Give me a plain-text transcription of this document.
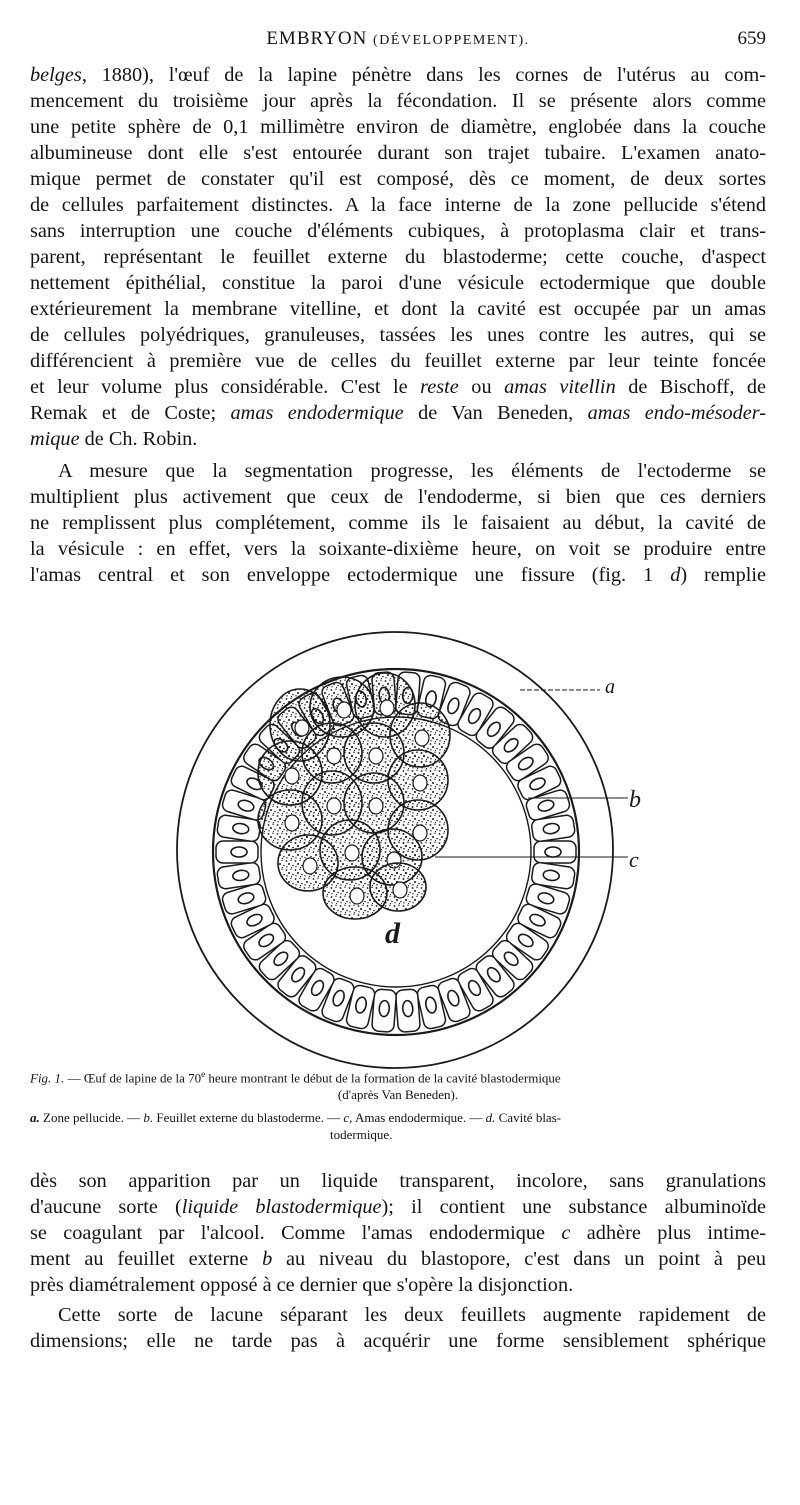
EMBRYON (DÉVELOPPEMENT).	659
belges, 1880), l'œuf de la lapine pénètre dans les cornes de l'utérus au com-
mencement du troisième jour après la fécondation. Il se présente alors comme
une petite sphère de 0,1 millimètre environ de diamètre, englobée dans la couche
albumineuse dont elle s'est entourée durant son trajet tubaire. L'examen anato-
mique permet de constater qu'il est composé, dès ce moment, de deux sortes
de cellules parfaitement distinctes. A la face interne de la zone pellucide s'étend
sans interruption une couche d'éléments cubiques, à protoplasma clair et trans-
parent, représentant le feuillet externe du blastoderme; cette couche, d'aspect
nettement épithélial, constitue la paroi d'une vésicule ectodermique que double
extérieurement la membrane vitelline, et dont la cavité est occupée par un amas
de cellules polyédriques, granuleuses, tassées les unes contre les autres, qui se
différencient à première vue de celles du feuillet externe par leur teinte foncée
et leur volume plus considérable. C'est le reste ou amas vitellin de Bischoff, de
Remak et de Coste; amas endodermique de Van Beneden, amas endo-mésoder-
mique de Ch. Robin.
A mesure que la segmentation progresse, les éléments de l'ectoderme se
multiplient plus activement que ceux de l'endoderme, si bien que ces derniers
ne remplissent plus complétement, comme ils le faisaient au début, la cavité de
la vésicule : en effet, vers la soixante-dixième heure, on voit se produire entre
l'amas central et son enveloppe ectodermique une fissure (fig. 1 d) remplie
a
b
c
d
Fig. 1. — Œuf de lapine de la 70e heure montrant le début de la formation de la cavité blastodermique
(d'après Van Beneden).
a. Zone pellucide. — b. Feuillet externe du blastoderme. — c, Amas endodermique. — d. Cavité blas-
todermique.
dès son apparition par un liquide transparent, incolore, sans granulations
d'aucune sorte (liquide blastodermique); il contient une substance albuminoïde
se coagulant par l'alcool. Comme l'amas endodermique c adhère plus intime-
ment au feuillet externe b au niveau du blastopore, c'est dans un point à peu
près diamétralement opposé à ce dernier que s'opère la disjonction.
Cette sorte de lacune séparant les deux feuillets augmente rapidement de
dimensions; elle ne tarde pas à acquérir une forme sensiblement sphérique
